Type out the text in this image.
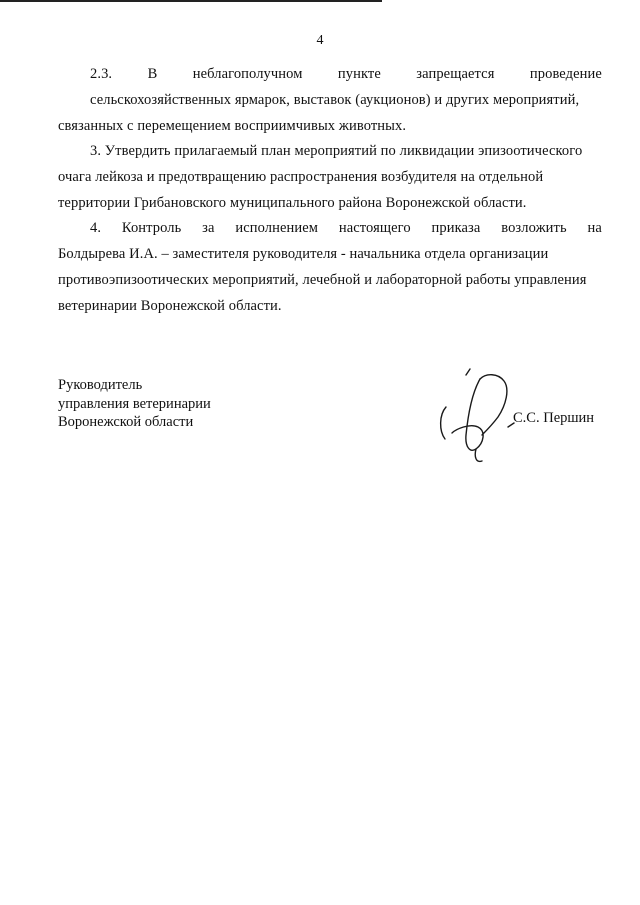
4
2.3. В неблагополучном пункте запрещается проведение
сельскохозяйственных ярмарок, выставок (аукционов) и других мероприятий,
связанных с перемещением восприимчивых животных.
3. Утвердить прилагаемый план мероприятий по ликвидации эпизоотического
очага лейкоза и предотвращению распространения возбудителя на отдельной
территории Грибановского муниципального района Воронежской области.
4. Контроль за исполнением настоящего приказа возложить на
Болдырева И.А. – заместителя руководителя - начальника отдела организации
противоэпизоотических мероприятий, лечебной и лабораторной работы управления
ветеринарии Воронежской области.
Руководитель
управления ветеринарии
Воронежской области	С.С. Першин
